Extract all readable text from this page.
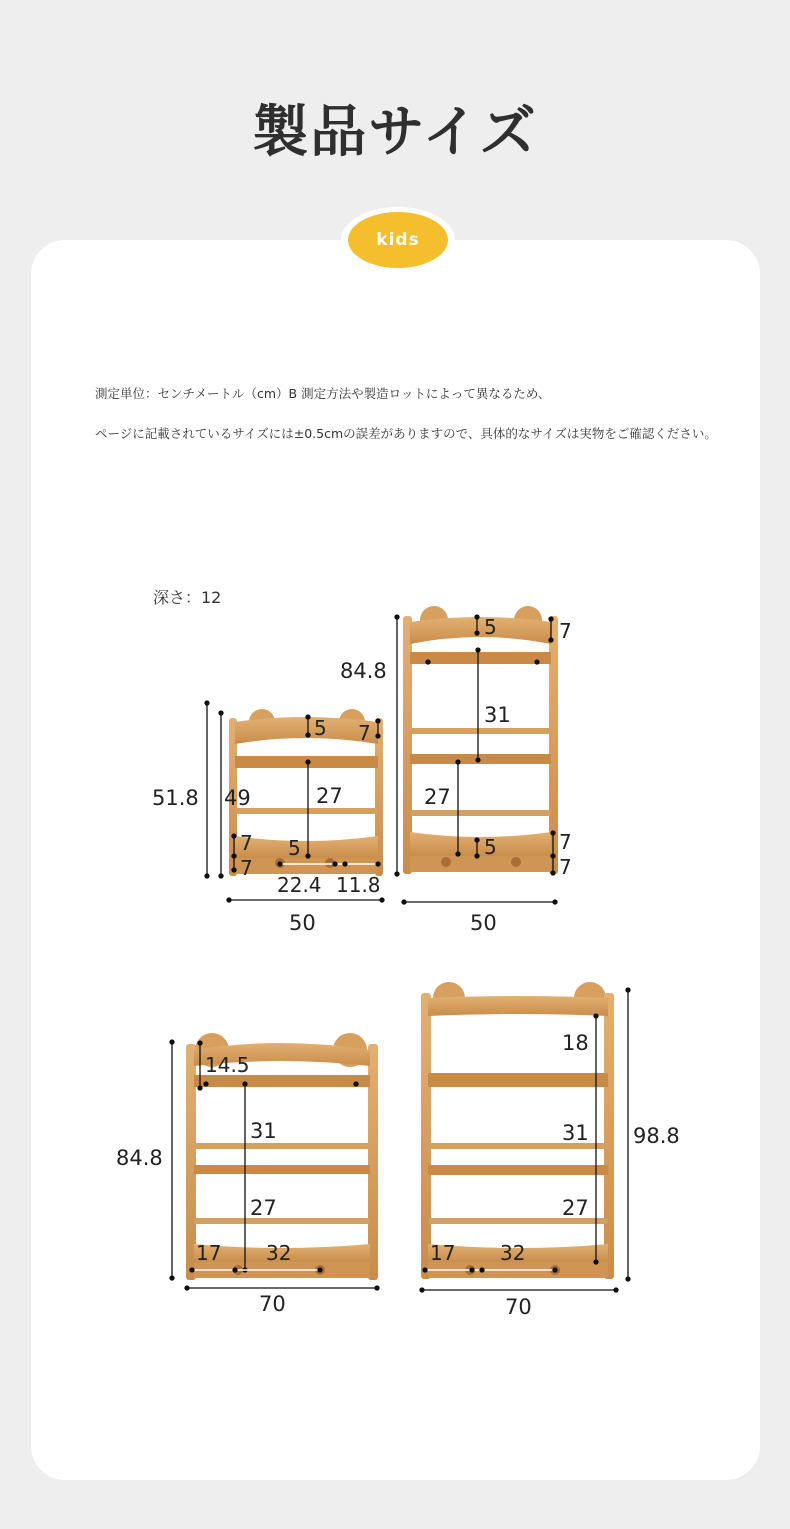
製品サイズ
kids
測定単位：センチメートル（cm）B 測定方法や製造ロットによって異なるため、
ページに記載されているサイズには±0.5cmの誤差がありますので、具体的なサイズは実物をご確認ください。
深さ：12
51.8 49
5 7
27
5
7
7
22.4 11.8
50
84.8
5	7
31
27
5	7
7
50
84.8
14.5
31
27
17 32
70
98.8
18
31
27
17 32
70
